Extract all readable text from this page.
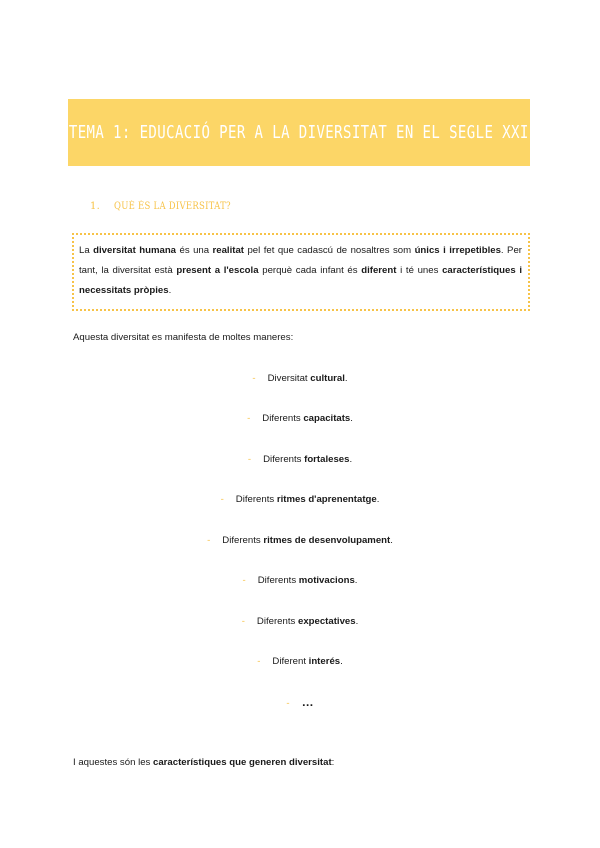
TEMA 1: EDUCACIÓ PER A LA DIVERSITAT EN EL SEGLE XXI
1. QUÈ ÉS LA DIVERSITAT?
La diversitat humana és una realitat pel fet que cadascú de nosaltres som únics i irrepetibles. Per tant, la diversitat està present a l'escola perquè cada infant és diferent i té unes característiques i necessitats pròpies.
Aquesta diversitat es manifesta de moltes maneres:
- Diversitat cultural.
- Diferents capacitats.
- Diferents fortaleses.
- Diferents ritmes d'aprenentatge.
- Diferents ritmes de desenvolupament.
- Diferents motivacions.
- Diferents expectatives.
- Diferent interés.
- …
I aquestes són les característiques que generen diversitat:
